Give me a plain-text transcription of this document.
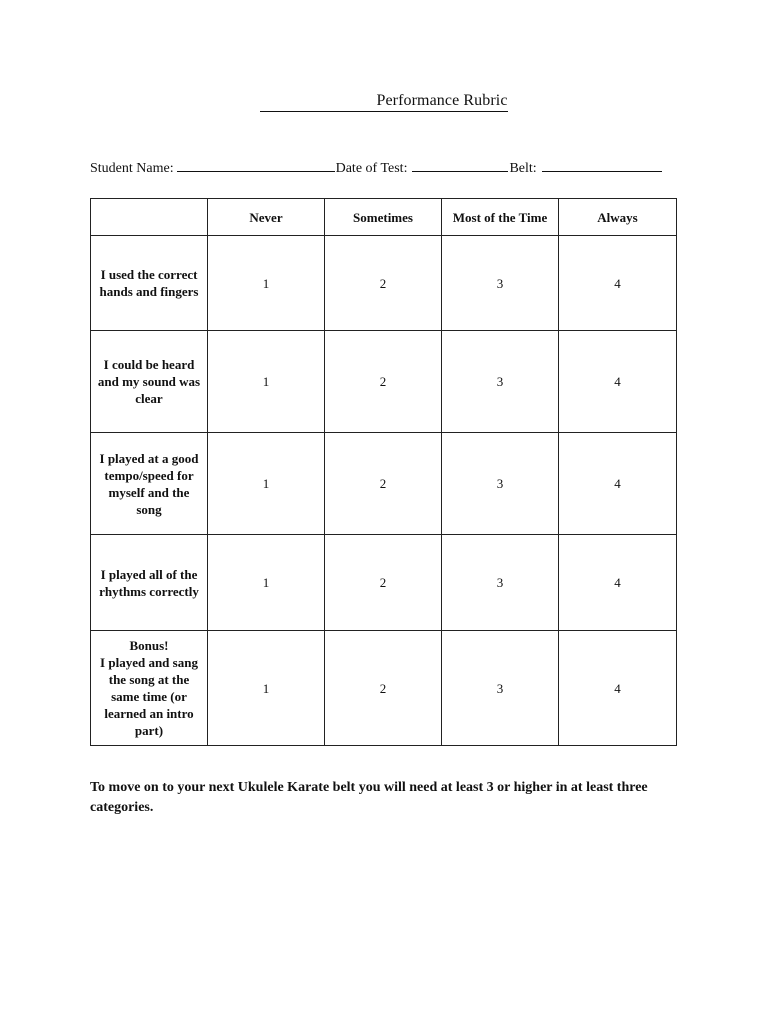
Performance Rubric
Student Name:	Date of Test:	Belt:
	Never	Sometimes	Most of the Time	Always
I used the correct hands and fingers	1	2	3	4
I could be heard and my sound was clear	1	2	3	4
I played at a good tempo/speed for myself and the song	1	2	3	4
I played all of the rhythms correctly	1	2	3	4

Bonus!
I played and sang the song at the same time (or learned an intro part)	1	2	3	4
To move on to your next Ukulele Karate belt you will need at least 3 or higher in at least three categories.
